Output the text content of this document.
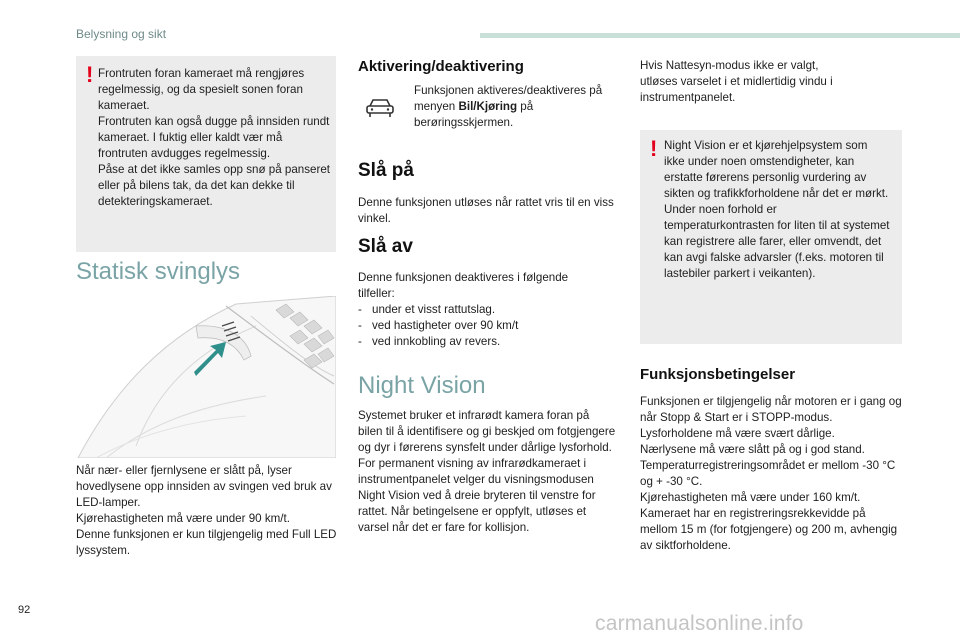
Belysning og sikt
! Frontruten foran kameraet må rengjøres regelmessig, og da spesielt sonen foran kameraet.
Frontruten kan også dugge på innsiden rundt kameraet. I fuktig eller kaldt vær må frontruten avdugges regelmessig.
Påse at det ikke samles opp snø på panseret eller på bilens tak, da det kan dekke til detekteringskameraet.

Statisk svinglys

Når nær- eller fjernlysene er slått på, lyser hovedlysene opp innsiden av svingen ved bruk av LED-lamper.
Kjørehastigheten må være under 90 km/t.
Denne funksjonen er kun tilgjengelig med Full LED lyssystem.

Aktivering/deaktivering

Funksjonen aktiveres/deaktiveres på menyen Bil/Kjøring på berøringsskjermen.

Slå på

Denne funksjonen utløses når rattet vris til en viss vinkel.

Slå av

Denne funksjonen deaktiveres i følgende tilfeller:

- under et visst rattutslag.
- ved hastigheter over 90 km/t
- ved innkobling av revers.
Night Vision

Systemet bruker et infrarødt kamera foran på bilen til å identifisere og gi beskjed om fotgjengere og dyr i førerens synsfelt under dårlige lysforhold.
For permanent visning av infrarødkameraet i instrumentpanelet velger du visningsmodusen Night Vision ved å dreie bryteren til venstre for rattet. Når betingelsene er oppfylt, utløses et varsel når det er fare for kollisjon.

Hvis Nattesyn-modus ikke er valgt, utløses varselet i et midlertidig vindu i instrumentpanelet.

! Night Vision er et kjørehjelpsystem som ikke under noen omstendigheter, kan erstatte førerens personlig vurdering av sikten og trafikkforholdene når det er mørkt.
Under noen forhold er temperaturkontrasten for liten til at systemet kan registrere alle farer, eller omvendt, det kan avgi falske advarsler (f.eks. motoren til lastebiler parkert i veikanten).

Funksjonsbetingelser

Funksjonen er tilgjengelig når motoren er i gang og når Stopp & Start er i STOPP-modus.
Lysforholdene må være svært dårlige.
Nærlysene må være slått på og i god stand.
Temperaturregistreringsområdet er mellom -30 °C og + -30 °C.
Kjørehastigheten må være under 160 km/t.
Kameraet har en registreringsrekkevidde på mellom 15 m (for fotgjengere) og 200 m, avhengig av siktforholdene.

92
carmanualsonline.info
